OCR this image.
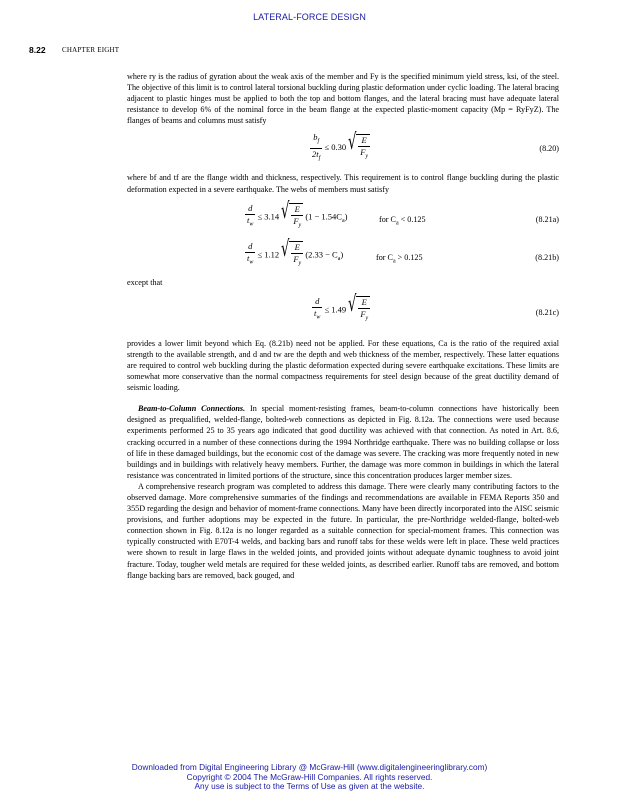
LATERAL-FORCE DESIGN
8.22 CHAPTER EIGHT

where ry is the radius of gyration about the weak axis of the member and Fy is the specified minimum yield stress, ksi, of the steel. The objective of this limit is to control lateral torsional buckling during plastic deformation under cyclic loading. The lateral bracing adjacent to plastic hinges must be applied to both the top and bottom flanges, and the lateral bracing must have adequate lateral resistance to develop 6% of the nominal force in the beam flange at the expected plastic-moment capacity (Mp = RyFyZ). The flanges of beams and columns must satisfy

$\frac{b_f}{2t_f} \le 0.30$ √ $\frac{E}{F_y}$	(8.20)

where bf and tf are the flange width and thickness, respectively. This requirement is to control flange buckling during the plastic deformation expected in a severe earthquake. The webs of members must satisfy

$\frac{d}{t_w} \le 3.14$ √ $\frac{E}{F_y} (1 - 1.54C_a)$	for $C_a < 0.125$	(8.21a)
$\frac{d}{t_w} \le 1.12$ √ $\frac{E}{F_y} (2.33 - C_a)$	for $C_a > 0.125$	(8.21b)

except that

$\frac{d}{t_w} \le 1.49$ √ $\frac{E}{F_y}$	(8.21c)

provides a lower limit beyond which Eq. (8.21b) need not be applied. For these equations, Ca is the ratio of the required axial strength to the available strength, and d and tw are the depth and web thickness of the member, respectively. These latter equations are required to control web buckling during the plastic deformation expected during severe earthquake excitations. These limits are somewhat more conservative than the normal compactness requirements for steel design because of the great ductility demand of seismic loading.

Beam-to-Column Connections. In special moment-resisting frames, beam-to-column connections have historically been designed as prequalified, welded-flange, bolted-web connections as depicted in Fig. 8.12a. The connections were used because experiments performed 25 to 35 years ago indicated that good ductility was achieved with that connection. As noted in Art. 8.6, cracking occurred in a number of these connections during the 1994 Northridge earthquake. There was no building collapse or loss of life in these damaged buildings, but the economic cost of the damage was severe. The cracking was more frequently noted in new buildings and in buildings with relatively heavy members. Further, the damage was more common in buildings in which the lateral resistance was concentrated in limited portions of the structure, since this concentration produces larger member sizes.

A comprehensive research program was completed to address this damage. There were clearly many contributing factors to the observed damage. More comprehensive summaries of the findings and recommendations are available in FEMA Reports 350 and 355D regarding the design and behavior of moment-frame connections. Many have been directly incorporated into the AISC seismic provisions, and further adoptions may be expected in the future. In particular, the pre-Northridge welded-flange, bolted-web connection shown in Fig. 8.12a is no longer regarded as a suitable connection for special-moment frames. This connection was typically constructed with E70T-4 welds, and backing bars and runoff tabs for these welds were left in place. These weld practices were shown to result in large flaws in the welded joints, and provided joints without adequate dynamic toughness to avoid joint fracture. Today, tougher weld metals are required for these welded joints, as described earlier. Runoff tabs are removed, and bottom flange backing bars are removed, back gouged, and

Downloaded from Digital Engineering Library @ McGraw-Hill (www.digitalengineeringlibrary.com)
Copyright © 2004 The McGraw-Hill Companies. All rights reserved.
Any use is subject to the Terms of Use as given at the website.
